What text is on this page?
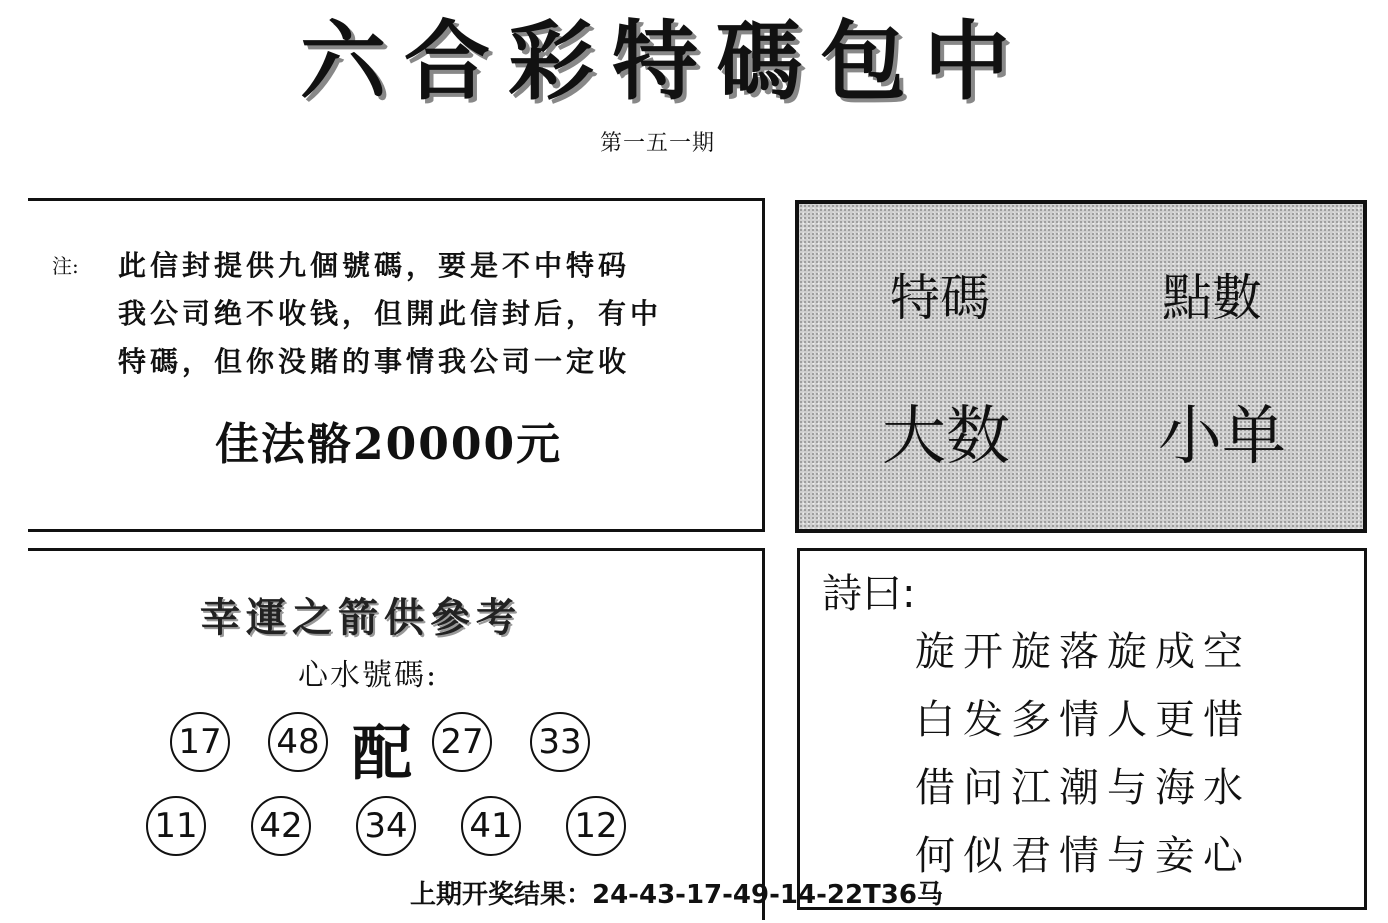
六合彩特碼包中
第一五一期
注: 此信封提供九個號碼，要是不中特码
我公司绝不收钱，但開此信封后，有中
特碼，但你没賭的事情我公司一定收
佳法骼20000元
特碼	點數
大数 小单
幸運之箭供參考
心水號碼:
17 48 配 27 33
11 42 34 41 12
詩曰:
旋开旋落旋成空
白发多情人更惜
借问江潮与海水
何似君情与妾心
上期开奖结果：24-43-17-49-14-22T36马
